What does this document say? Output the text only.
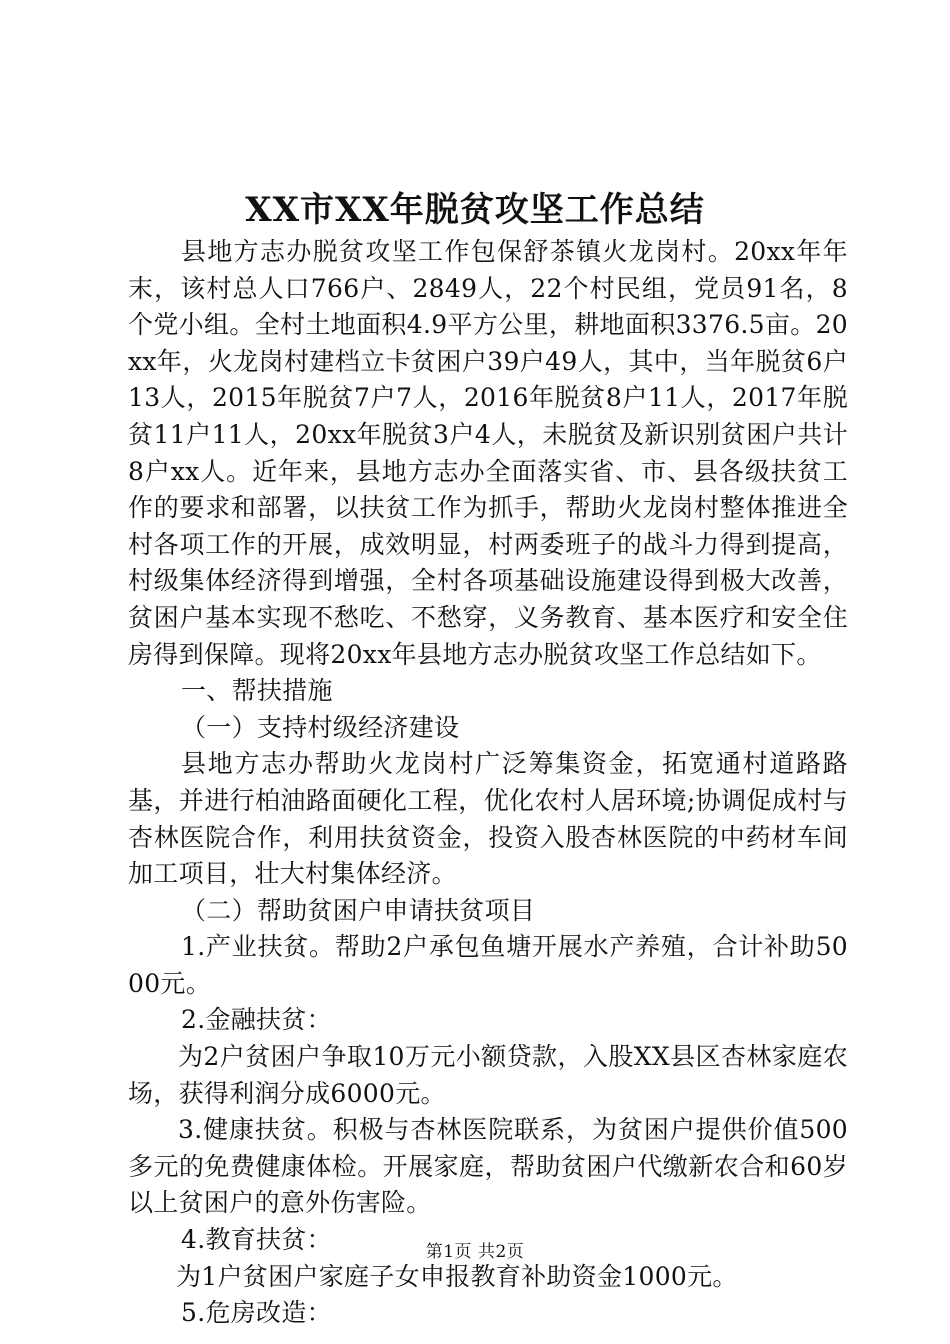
XX市XX年脱贫攻坚工作总结

县地方志办脱贫攻坚工作包保舒茶镇火龙岗村。20xx年年末，该村总人口766户、2849人，22个村民组，党员91名，8个党小组。全村土地面积4.9平方公里，耕地面积3376.5亩。20xx年，火龙岗村建档立卡贫困户39户49人，其中，当年脱贫6户13人，2015年脱贫7户7人，2016年脱贫8户11人，2017年脱贫11户11人，20xx年脱贫3户4人，未脱贫及新识别贫困户共计8户xx人。近年来，县地方志办全面落实省、市、县各级扶贫工作的要求和部署，以扶贫工作为抓手，帮助火龙岗村整体推进全村各项工作的开展，成效明显，村两委班子的战斗力得到提高，村级集体经济得到增强，全村各项基础设施建设得到极大改善，贫困户基本实现不愁吃、不愁穿，义务教育、基本医疗和安全住房得到保障。现将20xx年县地方志办脱贫攻坚工作总结如下。

一、帮扶措施

（一）支持村级经济建设

县地方志办帮助火龙岗村广泛筹集资金，拓宽通村道路路基，并进行柏油路面硬化工程，优化农村人居环境;协调促成村与杏林医院合作，利用扶贫资金，投资入股杏林医院的中药材车间加工项目，壮大村集体经济。

（二）帮助贫困户申请扶贫项目

1.产业扶贫。帮助2户承包鱼塘开展水产养殖，合计补助5000元。

2.金融扶贫：

为2户贫困户争取10万元小额贷款，入股XX县区杏林家庭农场，获得利润分成6000元。

3.健康扶贫。积极与杏林医院联系，为贫困户提供价值500多元的免费健康体检。开展家庭，帮助贫困户代缴新农合和60岁以上贫困户的意外伤害险。

4.教育扶贫：

为1户贫困户家庭子女申报教育补助资金1000元。

5.危房改造：

第1页 共2页
